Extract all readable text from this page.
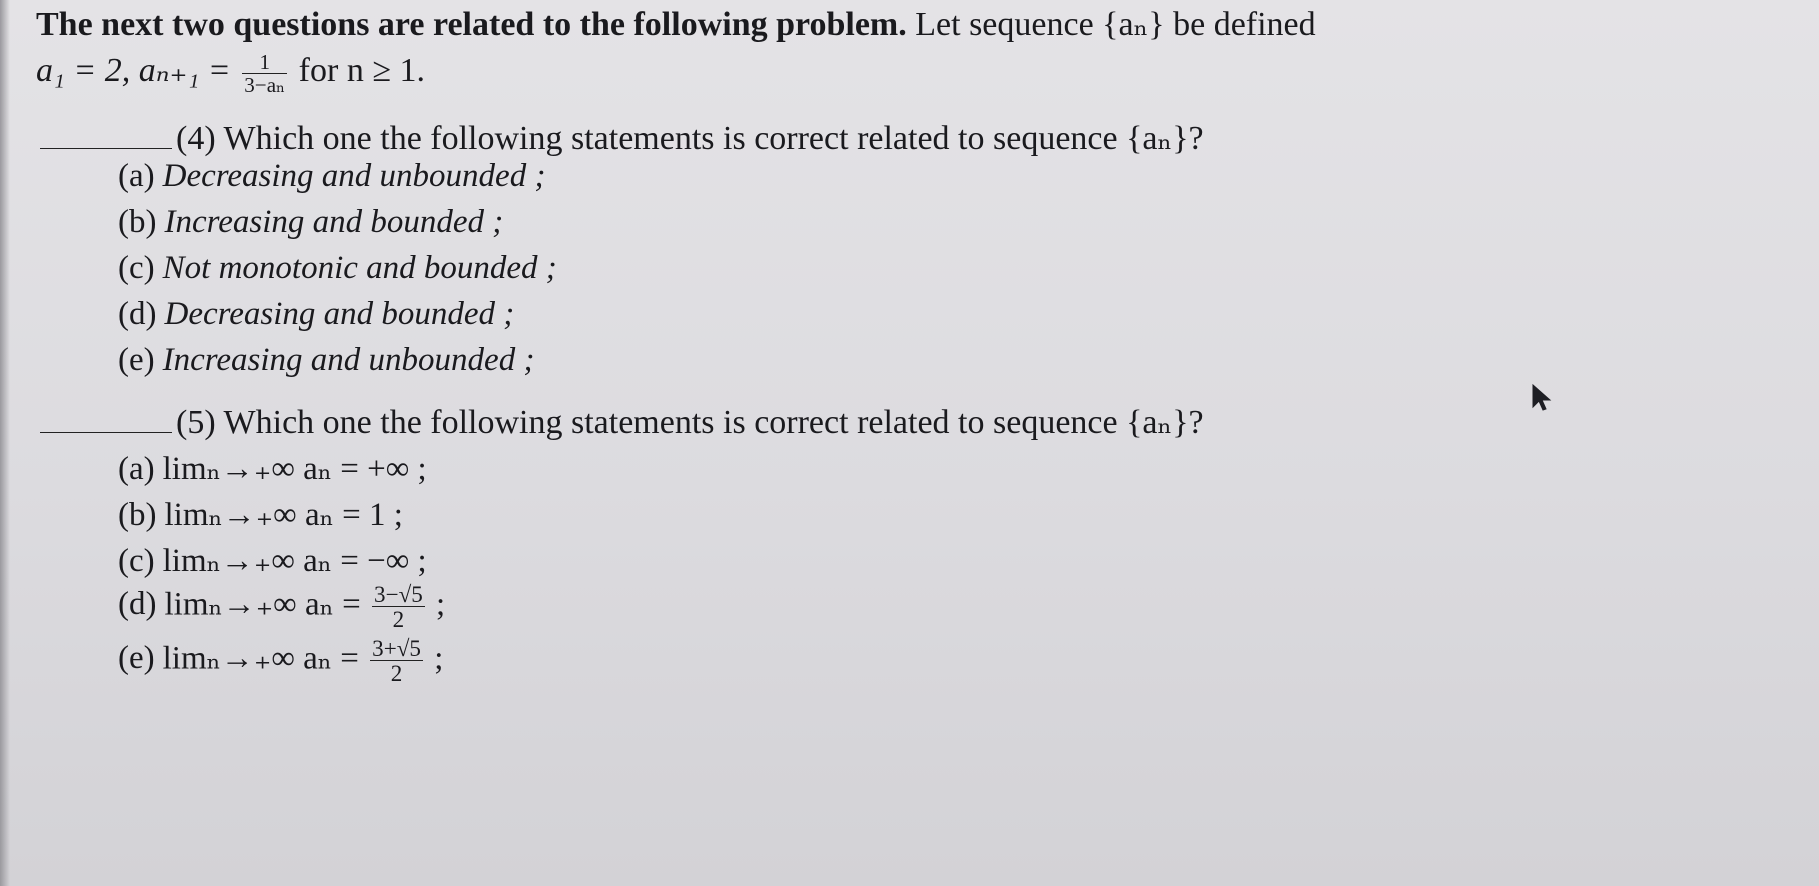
The next two questions are related to the following problem. Let sequence {aₙ} be defined
a₁ = 2, $a_{n+1} = \frac{1}{\text{3−aₙ}}$ for n ≥ 1.
(4) Which one the following statements is correct related to sequence {aₙ}?
(a) Decreasing and unbounded ;
(b) Increasing and bounded ;
(c) Not monotonic and bounded ;
(d) Decreasing and bounded ;
(e) Increasing and unbounded ;
(5) Which one the following statements is correct related to sequence {aₙ}?
(a) limₙ→₊∞ aₙ = +∞ ;
(b) limₙ→₊∞ aₙ = 1 ;
(c) limₙ→₊∞ aₙ = −∞ ;
(d) limₙ→₊∞ $a_n = \frac{3-√5}{2}$ ;
(e) limₙ→₊∞ $a_n = \frac{3+√5}{2}$ ;
